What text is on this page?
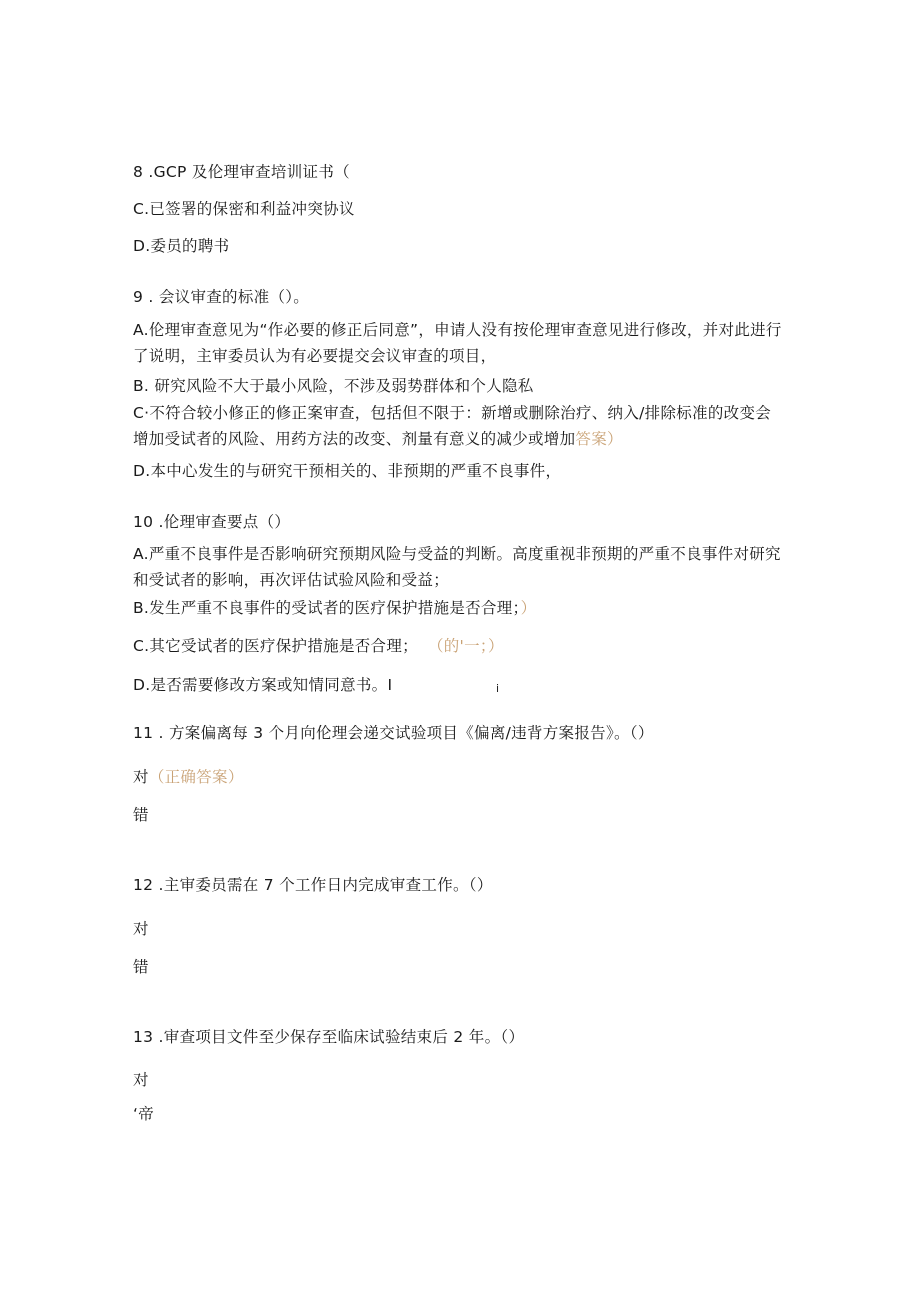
8 .GCP 及伦理审查培训证书（
C.已签署的保密和利益冲突协议
D.委员的聘书
9 . 会议审查的标准（）。
A.伦理审查意见为“作必要的修正后同意”，申请人没有按伦理审查意见进行修改，并对此进行了说明，主审委员认为有必要提交会议审查的项目，
B. 研究风险不大于最小风险，不涉及弱势群体和个人隐私
C·不符合较小修正的修正案审查，包括但不限于：新增或删除治疗、纳入/排除标准的改变会增加受试者的风险、用药方法的改变、剂量有意义的减少或增加答案）
D.本中心发生的与研究干预相关的、非预期的严重不良事件，
10 .伦理审查要点（）
A.严重不良事件是否影响研究预期风险与受益的判断。高度重视非预期的严重不良事件对研究和受试者的影响，再次评估试验风险和受益；
B.发生严重不良事件的受试者的医疗保护措施是否合理；）
C.其它受试者的医疗保护措施是否合理； （的'一；）
D.是否需要修改方案或知情同意书。I	i
11 . 方案偏离每 3 个月向伦理会递交试验项目《偏离/违背方案报告》。（）
对（正确答案）
错
12 .主审委员需在 7 个工作日内完成审查工作。（）
对
错
13 .审查项目文件至少保存至临床试验结束后 2 年。（）
对
‘帝
